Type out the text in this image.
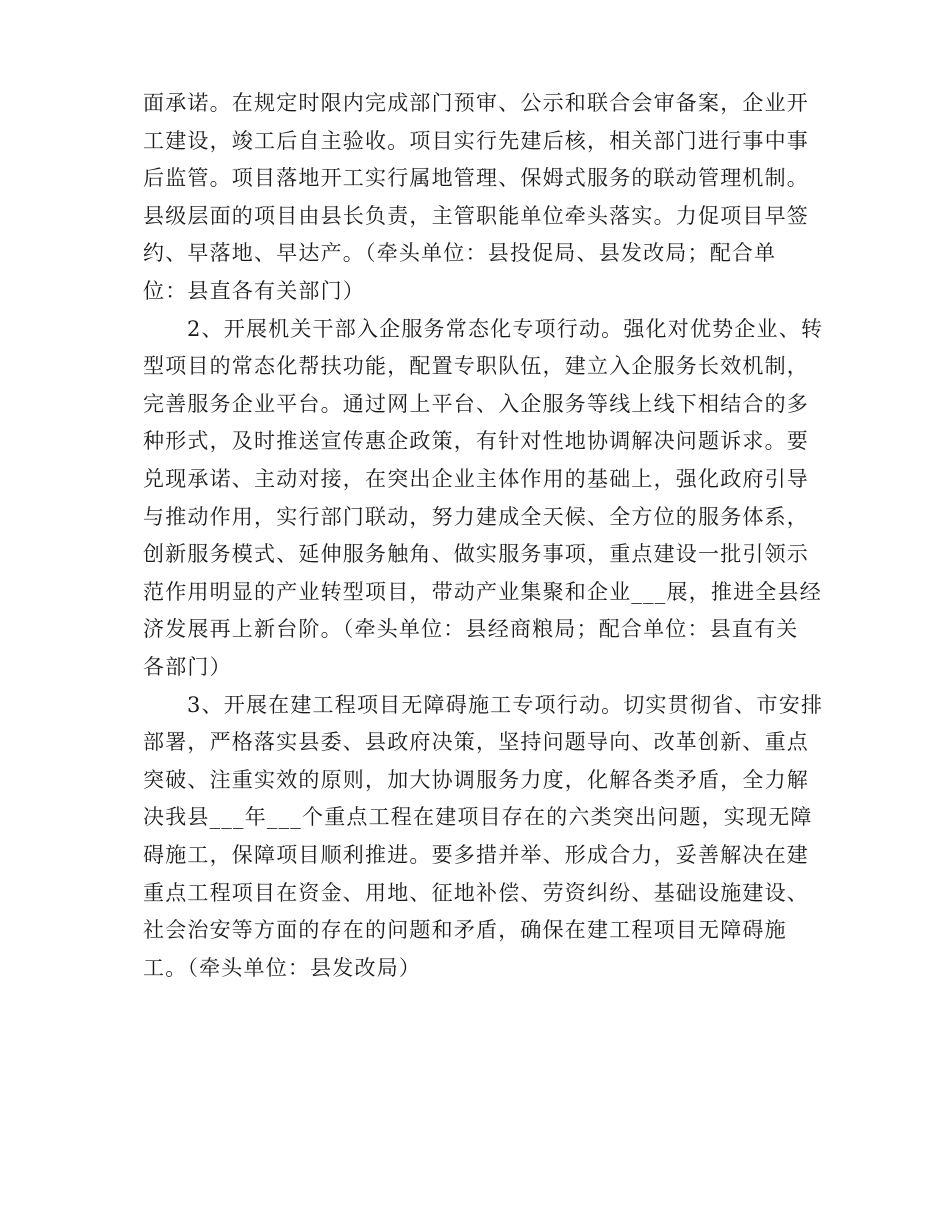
面承诺。在规定时限内完成部门预审、公示和联合会审备案，企业开
工建设，竣工后自主验收。项目实行先建后核，相关部门进行事中事
后监管。项目落地开工实行属地管理、保姆式服务的联动管理机制。
县级层面的项目由县长负责，主管职能单位牵头落实。力促项目早签
约、早落地、早达产。（牵头单位：县投促局、县发改局；配合单
位：县直各有关部门）
2、开展机关干部入企服务常态化专项行动。强化对优势企业、转
型项目的常态化帮扶功能，配置专职队伍，建立入企服务长效机制，
完善服务企业平台。通过网上平台、入企服务等线上线下相结合的多
种形式，及时推送宣传惠企政策，有针对性地协调解决问题诉求。要
兑现承诺、主动对接，在突出企业主体作用的基础上，强化政府引导
与推动作用，实行部门联动，努力建成全天候、全方位的服务体系，
创新服务模式、延伸服务触角、做实服务事项，重点建设一批引领示
范作用明显的产业转型项目，带动产业集聚和企业___展，推进全县经
济发展再上新台阶。（牵头单位：县经商粮局；配合单位：县直有关
各部门）
3、开展在建工程项目无障碍施工专项行动。切实贯彻省、市安排
部署，严格落实县委、县政府决策，坚持问题导向、改革创新、重点
突破、注重实效的原则，加大协调服务力度，化解各类矛盾，全力解
决我县___年___个重点工程在建项目存在的六类突出问题，实现无障
碍施工，保障项目顺利推进。要多措并举、形成合力，妥善解决在建
重点工程项目在资金、用地、征地补偿、劳资纠纷、基础设施建设、
社会治安等方面的存在的问题和矛盾，确保在建工程项目无障碍施
工。（牵头单位：县发改局）
